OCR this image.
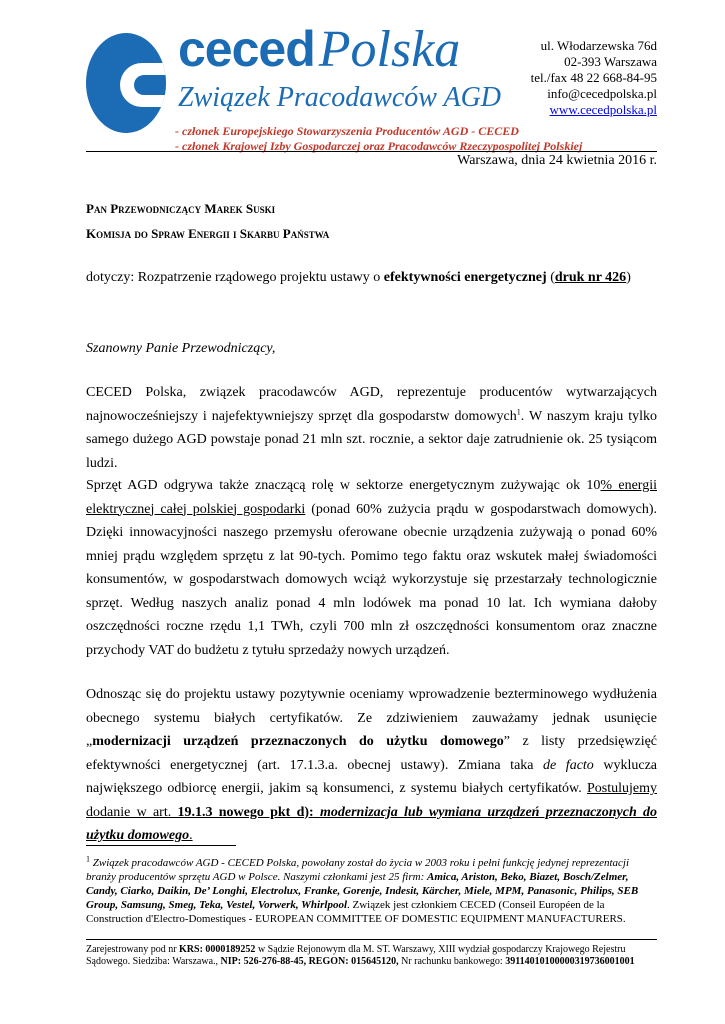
cecedPolska
Związek Pracodawców AGD
ul. Włodarzewska 76d
02-393 Warszawa
tel./fax 48 22 668-84-95
info@cecedpolska.pl
www.cecedpolska.pl
- członek Europejskiego Stowarzyszenia Producentów AGD - CECED
- członek Krajowej Izby Gospodarczej oraz Pracodawców Rzeczypospolitej Polskiej
Warszawa, dnia 24 kwietnia 2016 r.
Pan Przewodniczący Marek Suski
Komisja do Spraw Energii i Skarbu Państwa
dotyczy: Rozpatrzenie rządowego projektu ustawy o efektywności energetycznej (druk nr 426)
Szanowny Panie Przewodniczący,
CECED Polska, związek pracodawców AGD, reprezentuje producentów wytwarzających najnowocześniejszy i najefektywniejszy sprzęt dla gospodarstw domowych$^1$. W naszym kraju tylko samego dużego AGD powstaje ponad 21 mln szt. rocznie, a sektor daje zatrudnienie ok. 25 tysiącom ludzi.
Sprzęt AGD odgrywa także znaczącą rolę w sektorze energetycznym zużywając ok 10% energii elektrycznej całej polskiej gospodarki (ponad 60% zużycia prądu w gospodarstwach domowych). Dzięki innowacyjności naszego przemysłu oferowane obecnie urządzenia zużywają o ponad 60% mniej prądu względem sprzętu z lat 90-tych. Pomimo tego faktu oraz wskutek małej świadomości konsumentów, w gospodarstwach domowych wciąż wykorzystuje się przestarzały technologicznie sprzęt. Według naszych analiz ponad 4 mln lodówek ma ponad 10 lat. Ich wymiana dałoby oszczędności roczne rzędu 1,1 TWh, czyli 700 mln zł oszczędności konsumentom oraz znaczne przychody VAT do budżetu z tytułu sprzedaży nowych urządzeń.
Odnosząc się do projektu ustawy pozytywnie oceniamy wprowadzenie bezterminowego wydłużenia obecnego systemu białych certyfikatów. Ze zdziwieniem zauważamy jednak usunięcie „modernizacji urządzeń przeznaczonych do użytku domowego” z listy przedsięwzięć efektywności energetycznej (art. 17.1.3.a. obecnej ustawy). Zmiana taka de facto wyklucza największego odbiorcę energii, jakim są konsumenci, z systemu białych certyfikatów. Postulujemy dodanie w art. 19.1.3 nowego pkt d): modernizacja lub wymiana urządzeń przeznaczonych do użytku domowego.
$^1$ Związek pracodawców AGD - CECED Polska, powołany został do życia w 2003 roku i pełni funkcję jedynej reprezentacji branży producentów sprzętu AGD w Polsce. Naszymi członkami jest 25 firm: Amica, Ariston, Beko, Biazet, Bosch/Zelmer, Candy, Ciarko, Daikin, De’ Longhi, Electrolux, Franke, Gorenje, Indesit, Kärcher, Miele, MPM, Panasonic, Philips, SEB Group, Samsung, Smeg, Teka, Vestel, Vorwerk, Whirlpool. Związek jest członkiem CECED (Conseil Européen de la Construction d'Electro-Domestiques - EUROPEAN COMMITTEE OF DOMESTIC EQUIPMENT MANUFACTURERS.
Zarejestrowany pod nr KRS: 0000189252 w Sądzie Rejonowym dla M. ST. Warszawy, XIII wydział gospodarczy Krajowego Rejestru Sądowego. Siedziba: Warszawa., NIP: 526-276-88-45, REGON: 015645120, Nr rachunku bankowego: 39114010100000319736001001
